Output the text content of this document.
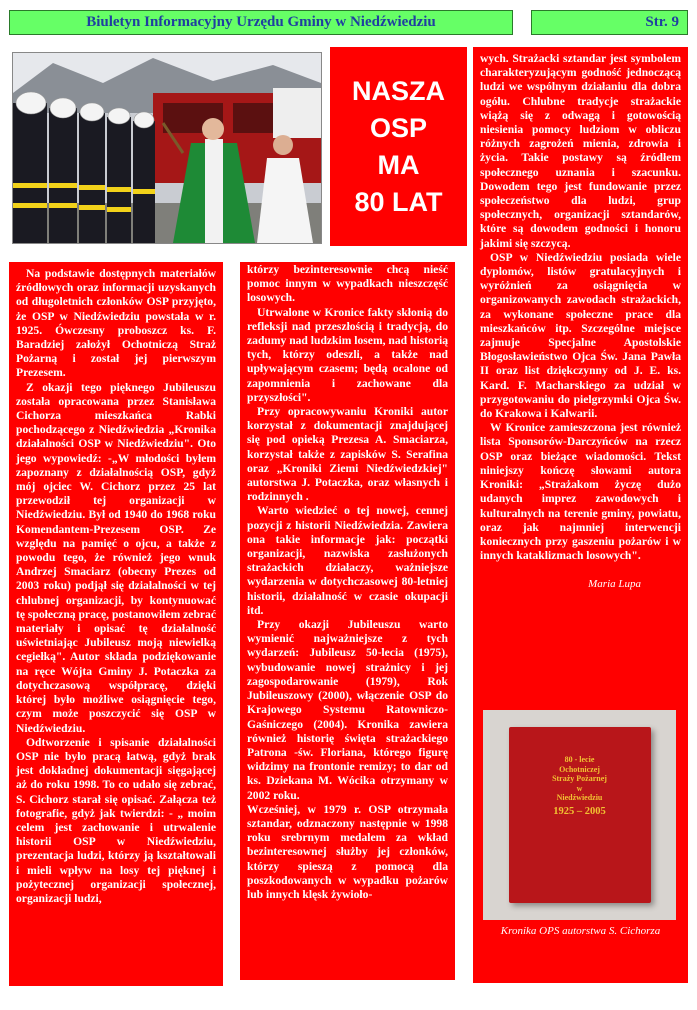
Biuletyn Informacyjny Urzędu Gminy w Niedźwiedziu	Str. 9
NASZA
OSP
MA
80 LAT

Na podstawie dostępnych materiałów źródłowych oraz informacji uzyskanych od długoletnich członków OSP przyjęto, że OSP w Niedźwiedziu powstała w r. 1925. Ówczesny proboszcz ks. F. Baradziej założył Ochotniczą Straż Pożarną i został jej pierwszym Prezesem.

Z okazji tego pięknego Jubileuszu została opracowana przez Stanisława Cichorza mieszkańca Rabki pochodzącego z Niedźwiedzia „Kronika działalności OSP w Niedźwiedziu". Oto jego wypowiedź: -„W młodości byłem zapoznany z działalnością OSP, gdyż mój ojciec W. Cichorz przez 25 lat przewodził tej organizacji w Niedźwiedziu. Był od 1940 do 1968 roku Komendantem-Prezesem OSP. Ze względu na pamięć o ojcu, a także z powodu tego, że również jego wnuk Andrzej Smaciarz (obecny Prezes od 2003 roku) podjął się działalności w tej chlubnej organizacji, by kontynuować tę społeczną pracę, postanowiłem zebrać materiały i opisać tę działalność uświetniając Jubileusz moją niewielką cegiełką". Autor składa podziękowanie na ręce Wójta Gminy J. Potaczka za dotychczasową współpracę, dzięki której było możliwe osiągnięcie tego, czym może poszczycić się OSP w Niedźwiedziu.

Odtworzenie i spisanie działalności OSP nie było pracą łatwą, gdyż brak jest dokładnej dokumentacji sięgającej aż do roku 1998. To co udało się zebrać, S. Cichorz starał się opisać. Załącza też fotografie, gdyż jak twierdzi: - „ moim celem jest zachowanie i utrwalenie historii OSP w Niedźwiedziu, prezentacja ludzi, którzy ją kształtowali i mieli wpływ na losy tej pięknej i pożytecznej organizacji społecznej, organizacji ludzi,

którzy bezinteresownie chcą nieść pomoc innym w wypadkach nieszczęść losowych.

Utrwalone w Kronice fakty skłonią do refleksji nad przeszłością i tradycją, do zadumy nad ludzkim losem, nad historią tych, którzy odeszli, a także nad upływającym czasem; będą ocalone od zapomnienia i zachowane dla przyszłości".

Przy opracowywaniu Kroniki autor korzystał z dokumentacji znajdującej się pod opieką Prezesa A. Smaciarza, korzystał także z zapisków S. Serafina oraz „Kroniki Ziemi Niedźwiedzkiej" autorstwa J. Potaczka, oraz własnych i rodzinnych .

Warto wiedzieć o tej nowej, cennej pozycji z historii Niedźwiedzia. Zawiera ona takie informacje jak: początki organizacji, nazwiska zasłużonych strażackich działaczy, ważniejsze wydarzenia w dotychczasowej 80-letniej historii, działalność w czasie okupacji itd.

Przy okazji Jubileuszu warto wymienić najważniejsze z tych wydarzeń: Jubileusz 50-lecia (1975), wybudowanie nowej strażnicy i jej zagospodarowanie (1979), Rok Jubileuszowy (2000), włączenie OSP do Krajowego Systemu Ratowniczo-Gaśniczego (2004). Kronika zawiera również historię święta strażackiego Patrona -św. Floriana, którego figurę widzimy na frontonie remizy; to dar od ks. Dziekana M. Wócika otrzymany w 2002 roku.

Wcześniej, w 1979 r. OSP otrzymała sztandar, odznaczony następnie w 1998 roku srebrnym medalem za wkład bezinteresownej służby jej członków, którzy spieszą z pomocą dla poszkodowanych w wypadku pożarów lub innych klęsk żywioło-

wych. Strażacki sztandar jest symbolem charakteryzującym godność jednoczącą ludzi we wspólnym działaniu dla dobra ogółu. Chlubne tradycje strażackie wiążą się z odwagą i gotowością niesienia pomocy ludziom w obliczu różnych zagrożeń mienia, zdrowia i życia. Takie postawy są źródłem społecznego uznania i szacunku. Dowodem tego jest fundowanie przez społeczeństwo dla ludzi, grup społecznych, organizacji sztandarów, które są dowodem godności i honoru jakimi się szczycą.

OSP w Niedźwiedziu posiada wiele dyplomów, listów gratulacyjnych i wyróżnień za osiągnięcia w organizowanych zawodach strażackich, za wykonane społeczne prace dla mieszkańców itp. Szczególne miejsce zajmuje Specjalne Apostolskie Błogosławieństwo Ojca Św. Jana Pawła II oraz list dziękczynny od J. E. ks. Kard. F. Macharskiego za udział w przygotowaniu do pielgrzymki Ojca Św. do Krakowa i Kalwarii.

W Kronice zamieszczona jest również lista Sponsorów-Darczyńców na rzecz OSP oraz bieżące wiadomości. Tekst niniejszy kończę słowami autora Kroniki: „Strażakom życzę dużo udanych imprez zawodowych i kulturalnych na terenie gminy, powiatu, oraz jak najmniej interwencji koniecznych przy gaszeniu pożarów i w innych kataklizmach losowych".

Maria Lupa

80 - lecie
Ochotniczej
Straży Pożarnej
w
Niedźwiedziu
1925 – 2005
Kronika OPS autorstwa S. Cichorza
